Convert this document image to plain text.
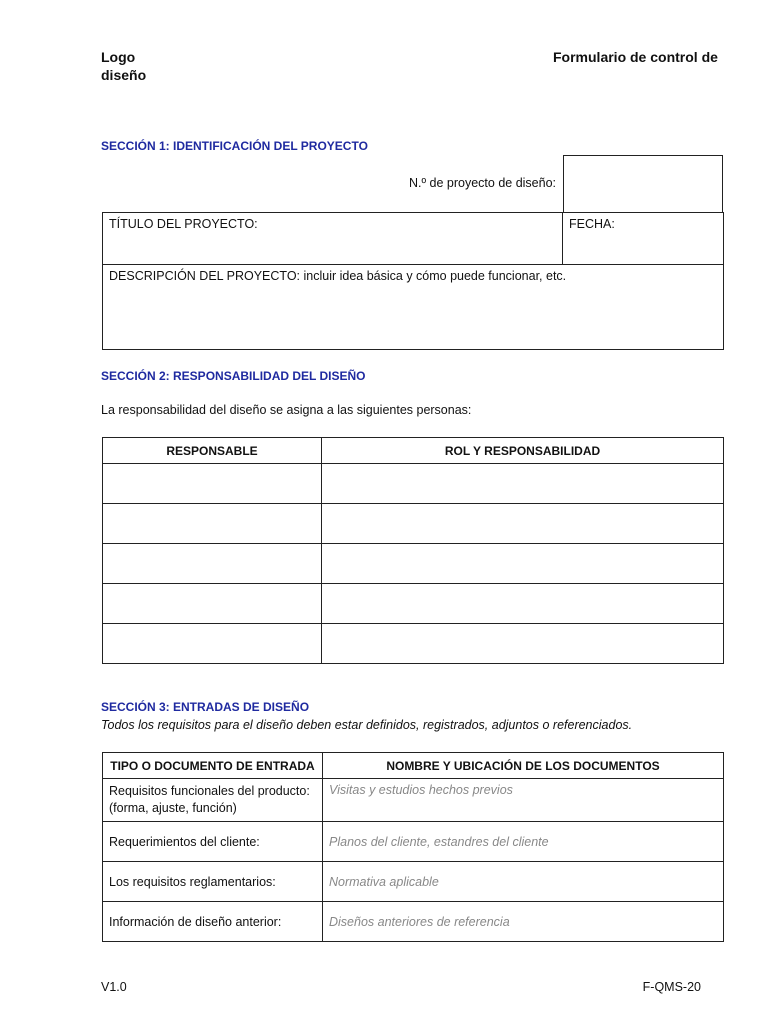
Logo
diseño
Formulario de control de
SECCIÓN 1: IDENTIFICACIÓN DEL PROYECTO
N.º de proyecto de diseño:
TÍTULO DEL PROYECTO:	FECHA:
DESCRIPCIÓN DEL PROYECTO: incluir idea básica y cómo puede funcionar, etc.
SECCIÓN 2: RESPONSABILIDAD DEL DISEÑO
La responsabilidad del diseño se asigna a las siguientes personas:
RESPONSABLE	ROL Y RESPONSABILIDAD

SECCIÓN 3: ENTRADAS DE DISEÑO
Todos los requisitos para el diseño deben estar definidos, registrados, adjuntos o referenciados.
TIPO O DOCUMENTO DE ENTRADA	NOMBRE Y UBICACIÓN DE LOS DOCUMENTOS

Requisitos funcionales del producto:
(forma, ajuste, función)	Visitas y estudios hechos previos
Requerimientos del cliente:	Planos del cliente, estandres del cliente
Los requisitos reglamentarios:	Normativa aplicable
Información de diseño anterior:	Diseños anteriores de referencia
V1.0	F-QMS-20
